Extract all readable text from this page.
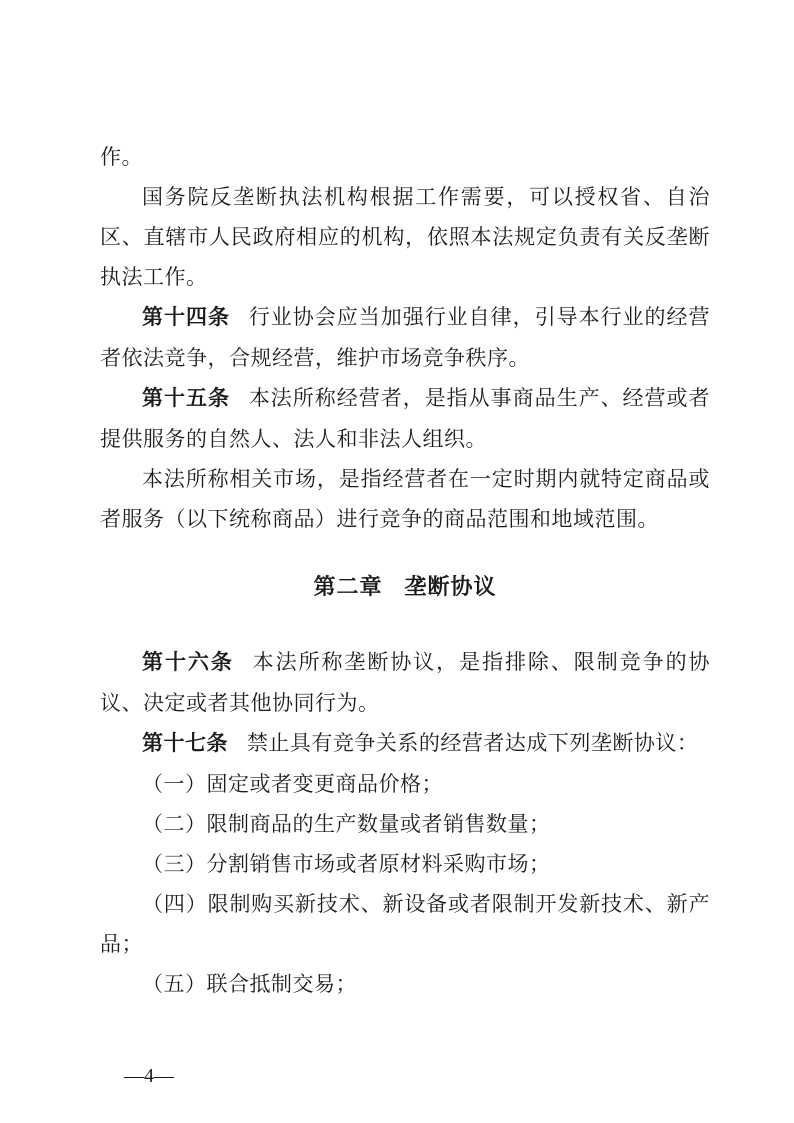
作。

国务院反垄断执法机构根据工作需要，可以授权省、自治区、直辖市人民政府相应的机构，依照本法规定负责有关反垄断执法工作。

第十四条 行业协会应当加强行业自律，引导本行业的经营者依法竞争，合规经营，维护市场竞争秩序。

第十五条 本法所称经营者，是指从事商品生产、经营或者提供服务的自然人、法人和非法人组织。

本法所称相关市场，是指经营者在一定时期内就特定商品或者服务（以下统称商品）进行竞争的商品范围和地域范围。

第二章 垄断协议

第十六条 本法所称垄断协议，是指排除、限制竞争的协议、决定或者其他协同行为。

第十七条 禁止具有竞争关系的经营者达成下列垄断协议：

（一）固定或者变更商品价格；

（二）限制商品的生产数量或者销售数量；

（三）分割销售市场或者原材料采购市场；

（四）限制购买新技术、新设备或者限制开发新技术、新产品；

（五）联合抵制交易；

—4—
